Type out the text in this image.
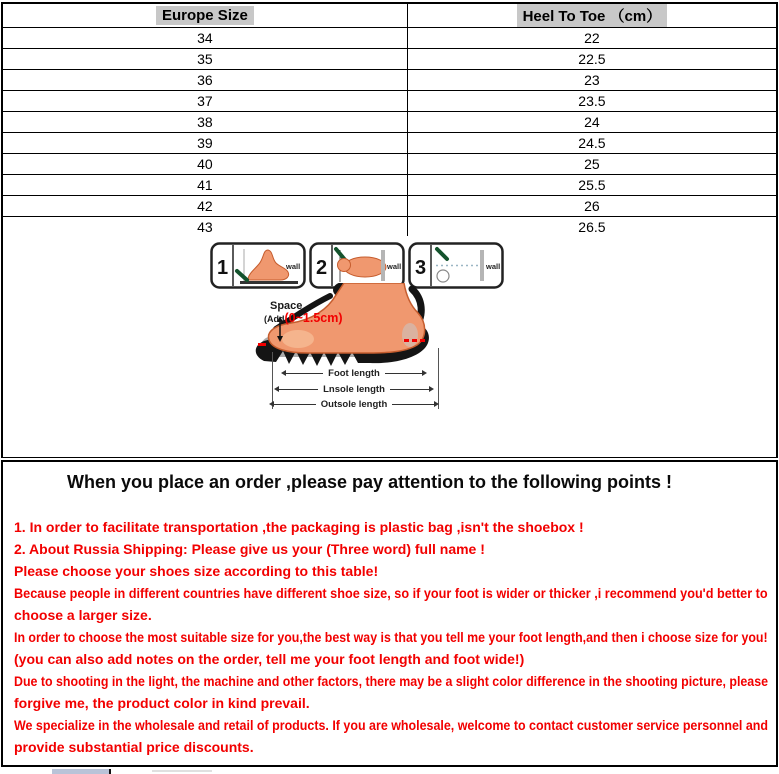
Europe Size	Heel To Toe （cm）
34	22
35	22.5
36	23
37	23.5
38	24
39	24.5
40	25
41	25.5
42	26
43	26.5
1	wall 2	wall 3	wall
Space
(Add(0~1.5cm)
Foot length
Lnsole length
Outsole length
When you place an order ,please pay attention to the following points !
1. In order to facilitate transportation ,the packaging is plastic bag ,isn't the shoebox !
2. About Russia Shipping: Please give us your (Three word) full name !
Please choose your shoes size according to this table!
Because people in different countries have different shoe size, so if your foot is wider or thicker ,i recommend you'd better to
choose a larger size.
In order to choose the most suitable size for you,the best way is that you tell me your foot length,and then i choose size for you!
(you can also add notes on the order, tell me your foot length and foot wide!)
Due to shooting in the light, the machine and other factors, there may be a slight color difference in the shooting picture, please
forgive me, the product color in kind prevail.
We specialize in the wholesale and retail of products. If you are wholesale, welcome to contact customer service personnel and
provide substantial price discounts.
